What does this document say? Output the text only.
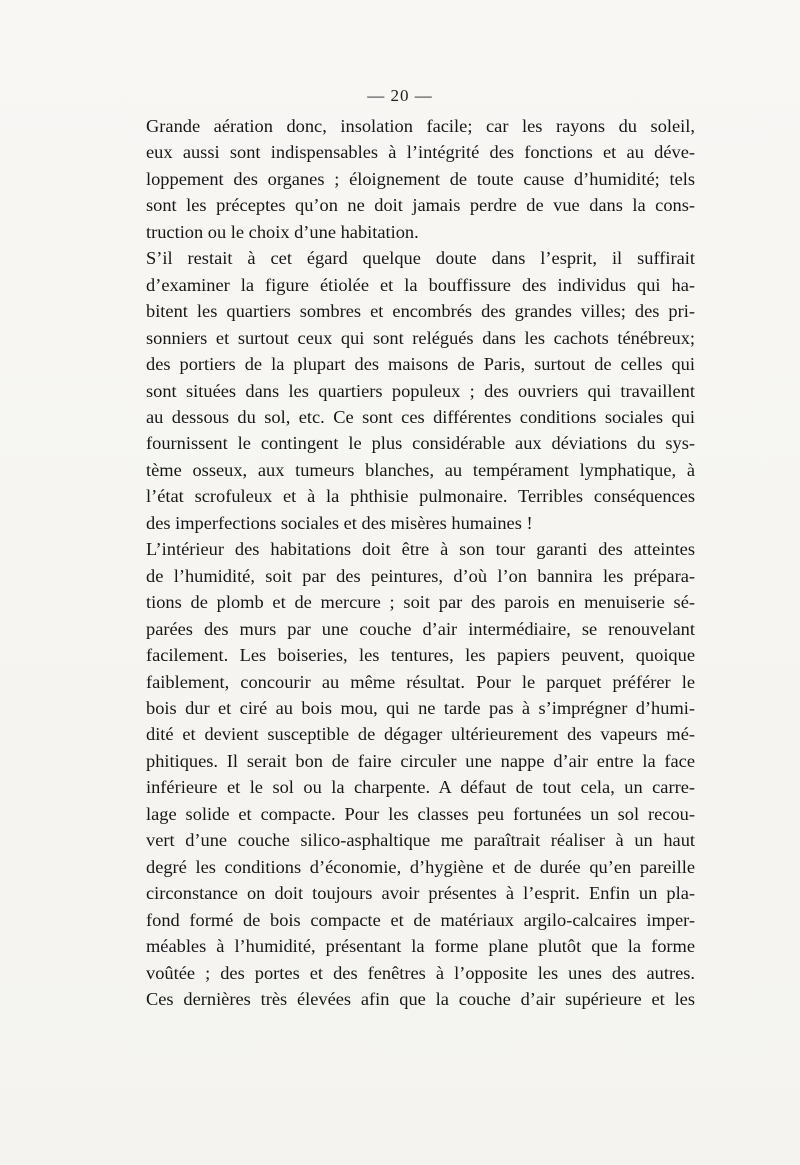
— 20 —

Grande aération donc, insolation facile; car les rayons du soleil,
eux aussi sont indispensables à l’intégrité des fonctions et au déve-
loppement des organes ; éloignement de toute cause d’humidité; tels
sont les préceptes qu’on ne doit jamais perdre de vue dans la cons-
truction ou le choix d’une habitation.

S’il restait à cet égard quelque doute dans l’esprit, il suffirait
d’examiner la figure étiolée et la bouffissure des individus qui ha-
bitent les quartiers sombres et encombrés des grandes villes; des pri-
sonniers et surtout ceux qui sont relégués dans les cachots ténébreux;
des portiers de la plupart des maisons de Paris, surtout de celles qui
sont situées dans les quartiers populeux ; des ouvriers qui travaillent
au dessous du sol, etc. Ce sont ces différentes conditions sociales qui
fournissent le contingent le plus considérable aux déviations du sys-
tème osseux, aux tumeurs blanches, au tempérament lymphatique, à
l’état scrofuleux et à la phthisie pulmonaire. Terribles conséquences
des imperfections sociales et des misères humaines !

L’intérieur des habitations doit être à son tour garanti des atteintes
de l’humidité, soit par des peintures, d’où l’on bannira les prépara-
tions de plomb et de mercure ; soit par des parois en menuiserie sé-
parées des murs par une couche d’air intermédiaire, se renouvelant
facilement. Les boiseries, les tentures, les papiers peuvent, quoique
faiblement, concourir au même résultat. Pour le parquet préférer le
bois dur et ciré au bois mou, qui ne tarde pas à s’imprégner d’humi-
dité et devient susceptible de dégager ultérieurement des vapeurs mé-
phitiques. Il serait bon de faire circuler une nappe d’air entre la face
inférieure et le sol ou la charpente. A défaut de tout cela, un carre-
lage solide et compacte. Pour les classes peu fortunées un sol recou-
vert d’une couche silico-asphaltique me paraîtrait réaliser à un haut
degré les conditions d’économie, d’hygiène et de durée qu’en pareille
circonstance on doit toujours avoir présentes à l’esprit. Enfin un pla-
fond formé de bois compacte et de matériaux argilo-calcaires imper-
méables à l’humidité, présentant la forme plane plutôt que la forme
voûtée ; des portes et des fenêtres à l’opposite les unes des autres.
Ces dernières très élevées afin que la couche d’air supérieure et les
